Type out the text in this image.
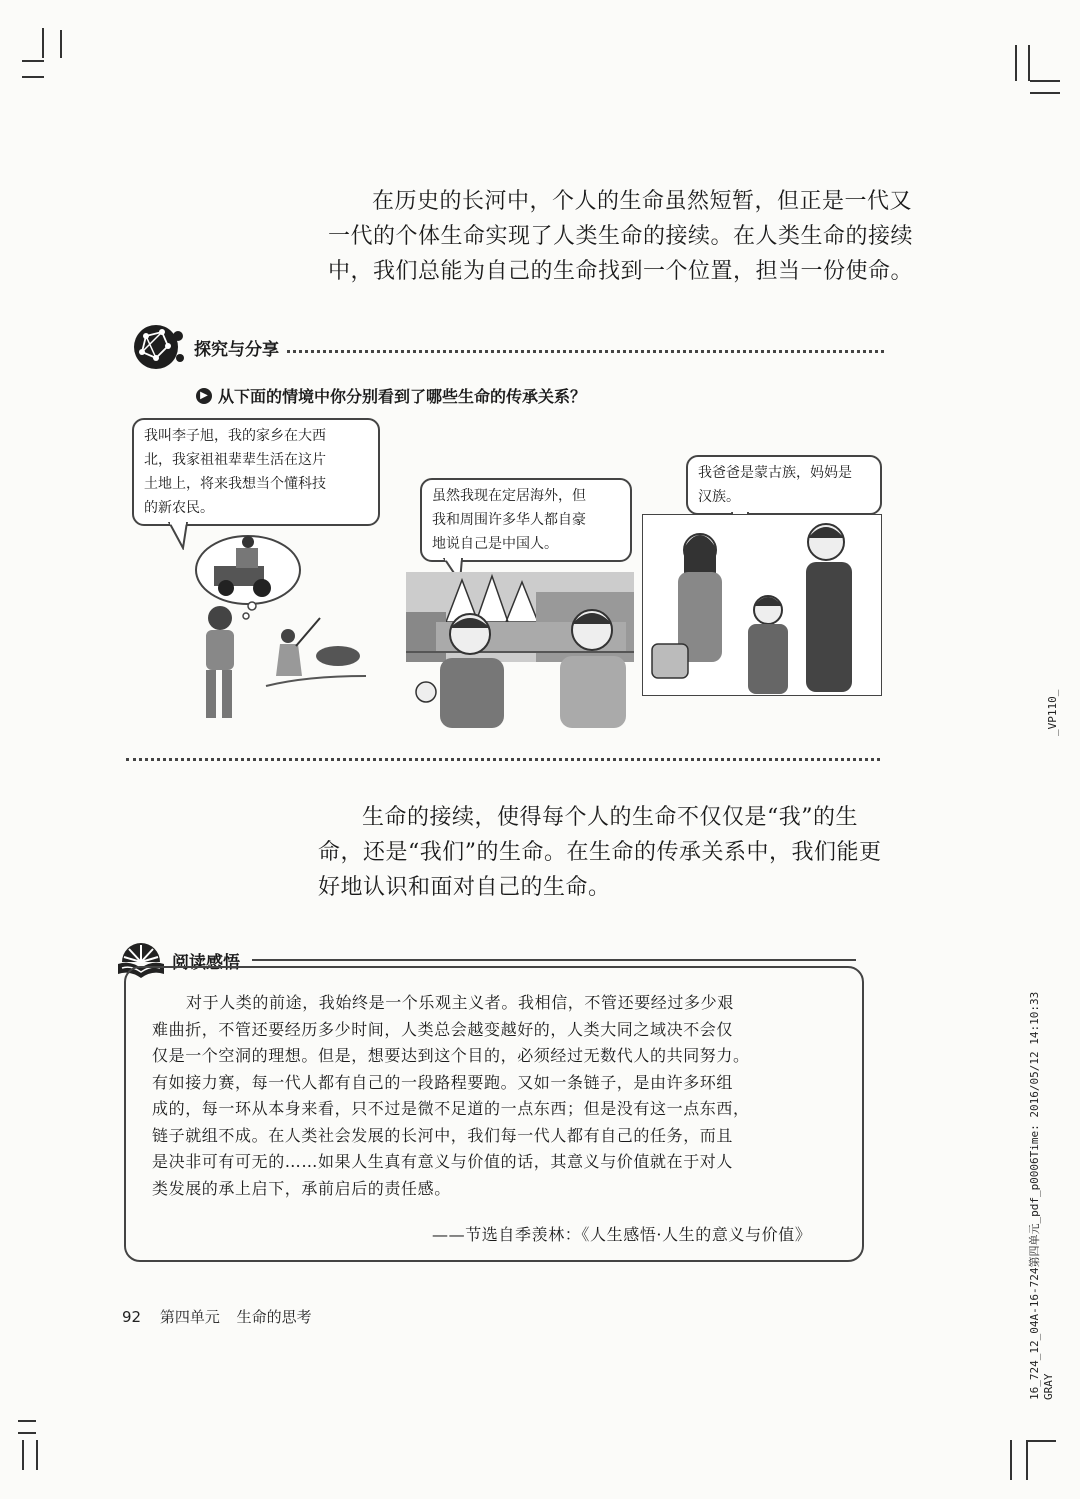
在历史的长河中，个人的生命虽然短暂，但正是一代又
一代的个体生命实现了人类生命的接续。在人类生命的接续
中，我们总能为自己的生命找到一个位置，担当一份使命。
探究与分享
▶ 从下面的情境中你分别看到了哪些生命的传承关系？
我叫李子旭，我的家乡在大西
北，我家祖祖辈辈生活在这片
土地上，将来我想当个懂科技
的新农民。
虽然我现在定居海外，但
我和周围许多华人都自豪
地说自己是中国人。
我爸爸是蒙古族，妈妈是
汉族。
生命的接续，使得每个人的生命不仅仅是“我”的生
命，还是“我们”的生命。在生命的传承关系中，我们能更
好地认识和面对自己的生命。
阅读感悟
对于人类的前途，我始终是一个乐观主义者。我相信，不管还要经过多少艰
难曲折，不管还要经历多少时间，人类总会越变越好的，人类大同之域决不会仅
仅是一个空洞的理想。但是，想要达到这个目的，必须经过无数代人的共同努力。
有如接力赛，每一代人都有自己的一段路程要跑。又如一条链子，是由许多环组
成的，每一环从本身来看，只不过是微不足道的一点东西；但是没有这一点东西，
链子就组不成。在人类社会发展的长河中，我们每一代人都有自己的任务，而且
是决非可有可无的……如果人生真有意义与价值的话，其意义与价值就在于对人
类发展的承上启下，承前启后的责任感。
——节选自季羡林：《人生感悟·人生的意义与价值》
92 第四单元 生命的思考
_VP110_
16_724_12_04A-16-724第四单元_pdf_p0006Time: 2016/05/12 14:10:33 GRAY
